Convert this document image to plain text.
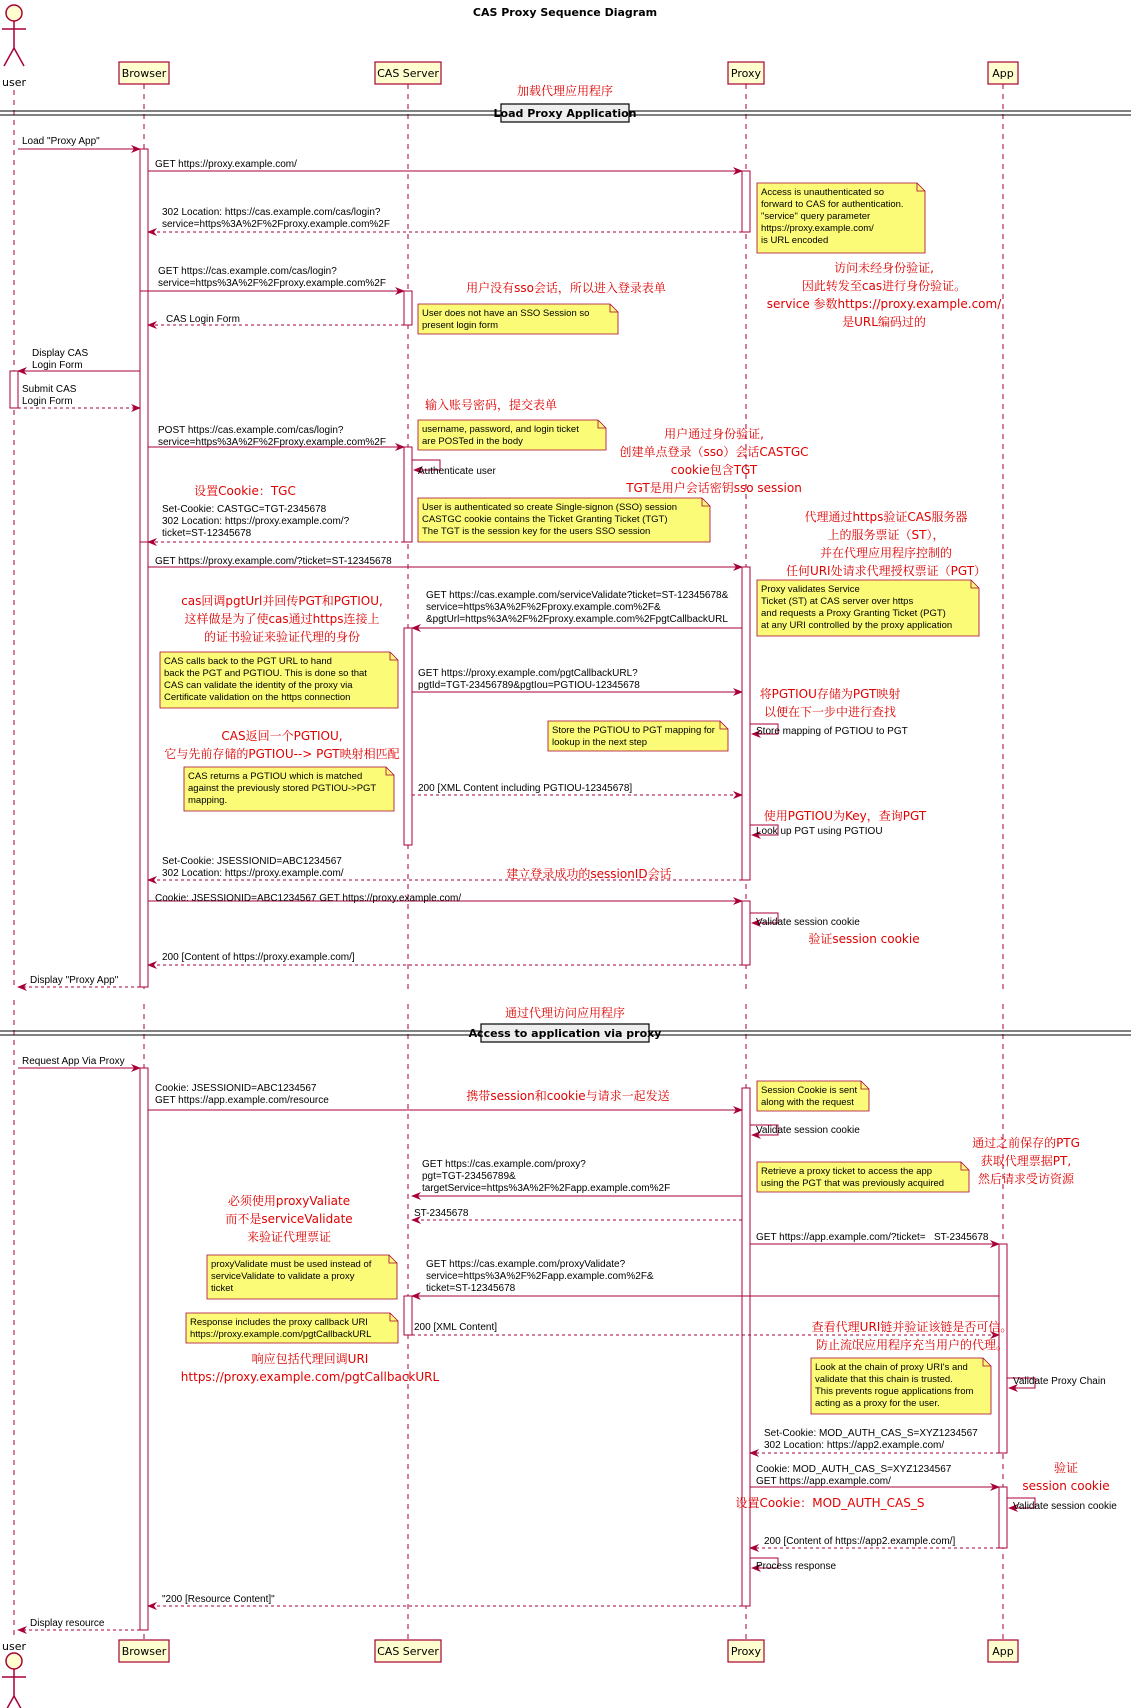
CAS Proxy Sequence Diagram
Load Proxy Application
Access to application via proxy
Load "Proxy App"
GET https://proxy.example.com/
302 Location: https://cas.example.com/cas/login?
service=https%3A%2F%2Fproxy.example.com%2F
GET https://cas.example.com/cas/login?
service=https%3A%2F%2Fproxy.example.com%2F
CAS Login Form
Display CAS
Login Form
Submit CAS
Login Form
POST https://cas.example.com/cas/login?
service=https%3A%2F%2Fproxy.example.com%2F
Authenticate user
Set-Cookie: CASTGC=TGT-2345678
302 Location: https://proxy.example.com/?
ticket=ST-12345678
GET https://proxy.example.com/?ticket=ST-12345678
GET https://cas.example.com/serviceValidate?ticket=ST-12345678&
service=https%3A%2F%2Fproxy.example.com%2F&
&pgtUrl=https%3A%2F%2Fproxy.example.com%2FpgtCallbackURL
GET https://proxy.example.com/pgtCallbackURL?
pgtId=TGT-23456789&pgtIou=PGTIOU-12345678
Store mapping of PGTIOU to PGT
200 [XML Content including PGTIOU-12345678]
Look up PGT using PGTIOU
Set-Cookie: JSESSIONID=ABC1234567
302 Location: https://proxy.example.com/
Cookie: JSESSIONID=ABC1234567 GET https://proxy.example.com/
Validate session cookie
200 [Content of https://proxy.example.com/]
Display "Proxy App"
Request App Via Proxy
Cookie: JSESSIONID=ABC1234567
GET https://app.example.com/resource
Validate session cookie
GET https://cas.example.com/proxy?
pgt=TGT-23456789&
targetService=https%3A%2F%2Fapp.example.com%2F
ST-2345678
GET https://app.example.com/?ticket= ST-2345678
GET https://cas.example.com/proxyValidate?
service=https%3A%2F%2Fapp.example.com%2F&
ticket=ST-12345678
200 [XML Content]
Validate Proxy Chain
Set-Cookie: MOD_AUTH_CAS_S=XYZ1234567
302 Location: https://app2.example.com/
Cookie: MOD_AUTH_CAS_S=XYZ1234567
GET https://app.example.com/
Validate session cookie
200 [Content of https://app2.example.com/]
Process response
"200 [Resource Content]"
Display resource
Access is unauthenticated so
forward to CAS for authentication.
"service" query parameter
https://proxy.example.com/
is URL encoded
User does not have an SSO Session so
present login form
username, password, and login ticket
are POSTed in the body
User is authenticated so create Single-signon (SSO) session
CASTGC cookie contains the Ticket Granting Ticket (TGT)
The TGT is the session key for the users SSO session
Proxy validates Service
Ticket (ST) at CAS server over https
and requests a Proxy Granting Ticket (PGT)
at any URI controlled by the proxy application
CAS calls back to the PGT URL to hand
back the PGT and PGTIOU. This is done so that
CAS can validate the identity of the proxy via
Certificate validation on the https connection
Store the PGTIOU to PGT mapping for
lookup in the next step
CAS returns a PGTIOU which is matched
against the previously stored PGTIOU->PGT
mapping.
Session Cookie is sent
along with the request
Retrieve a proxy ticket to access the app
using the PGT that was previously acquired
proxyValidate must be used instead of
serviceValidate to validate a proxy
ticket
Response includes the proxy callback URI
https://proxy.example.com/pgtCallbackURL
Look at the chain of proxy URI's and
validate that this chain is trusted.
This prevents rogue applications from
acting as a proxy for the user.
加载代理应用程序
通过代理访问应用程序
访问未经身份验证,
因此转发至cas进行身份验证。
service 参数https://proxy.example.com/
是URL编码过的
用户没有sso会话，所以进入登录表单
输入账号密码，提交表单
用户通过身份验证,
创建单点登录（sso）会话CASTGC
cookie包含TGT
TGT是用户会话密钥sso session
设置Cookie：TGC
代理通过https验证CAS服务器
上的服务票证（ST），
并在代理应用程序控制的
任何URI处请求代理授权票证（PGT）
cas回调pgtUrl并回传PGT和PGTIOU,
这样做是为了使cas通过https连接上
的证书验证来验证代理的身份
将PGTIOU存储为PGT映射
以便在下一步中进行查找
CAS返回一个PGTIOU,
它与先前存储的PGTIOU--> PGT映射相匹配
使用PGTIOU为Key，查询PGT
建立登录成功的sessionID会话
验证session cookie
携带session和cookie与请求一起发送
通过之前保存的PTG
获取代理票据PT,
然后请求受访资源
必须使用proxyValiate
而不是serviceValidate
来验证代理票证
查看代理URI链并验证该链是否可信。
防止流氓应用程序充当用户的代理。
响应包括代理回调URI
https://proxy.example.com/pgtCallbackURL
验证
session cookie
设置Cookie：MOD_AUTH_CAS_S
user
user
Browser
Browser
CAS Server
CAS Server
Proxy
Proxy
App
App
